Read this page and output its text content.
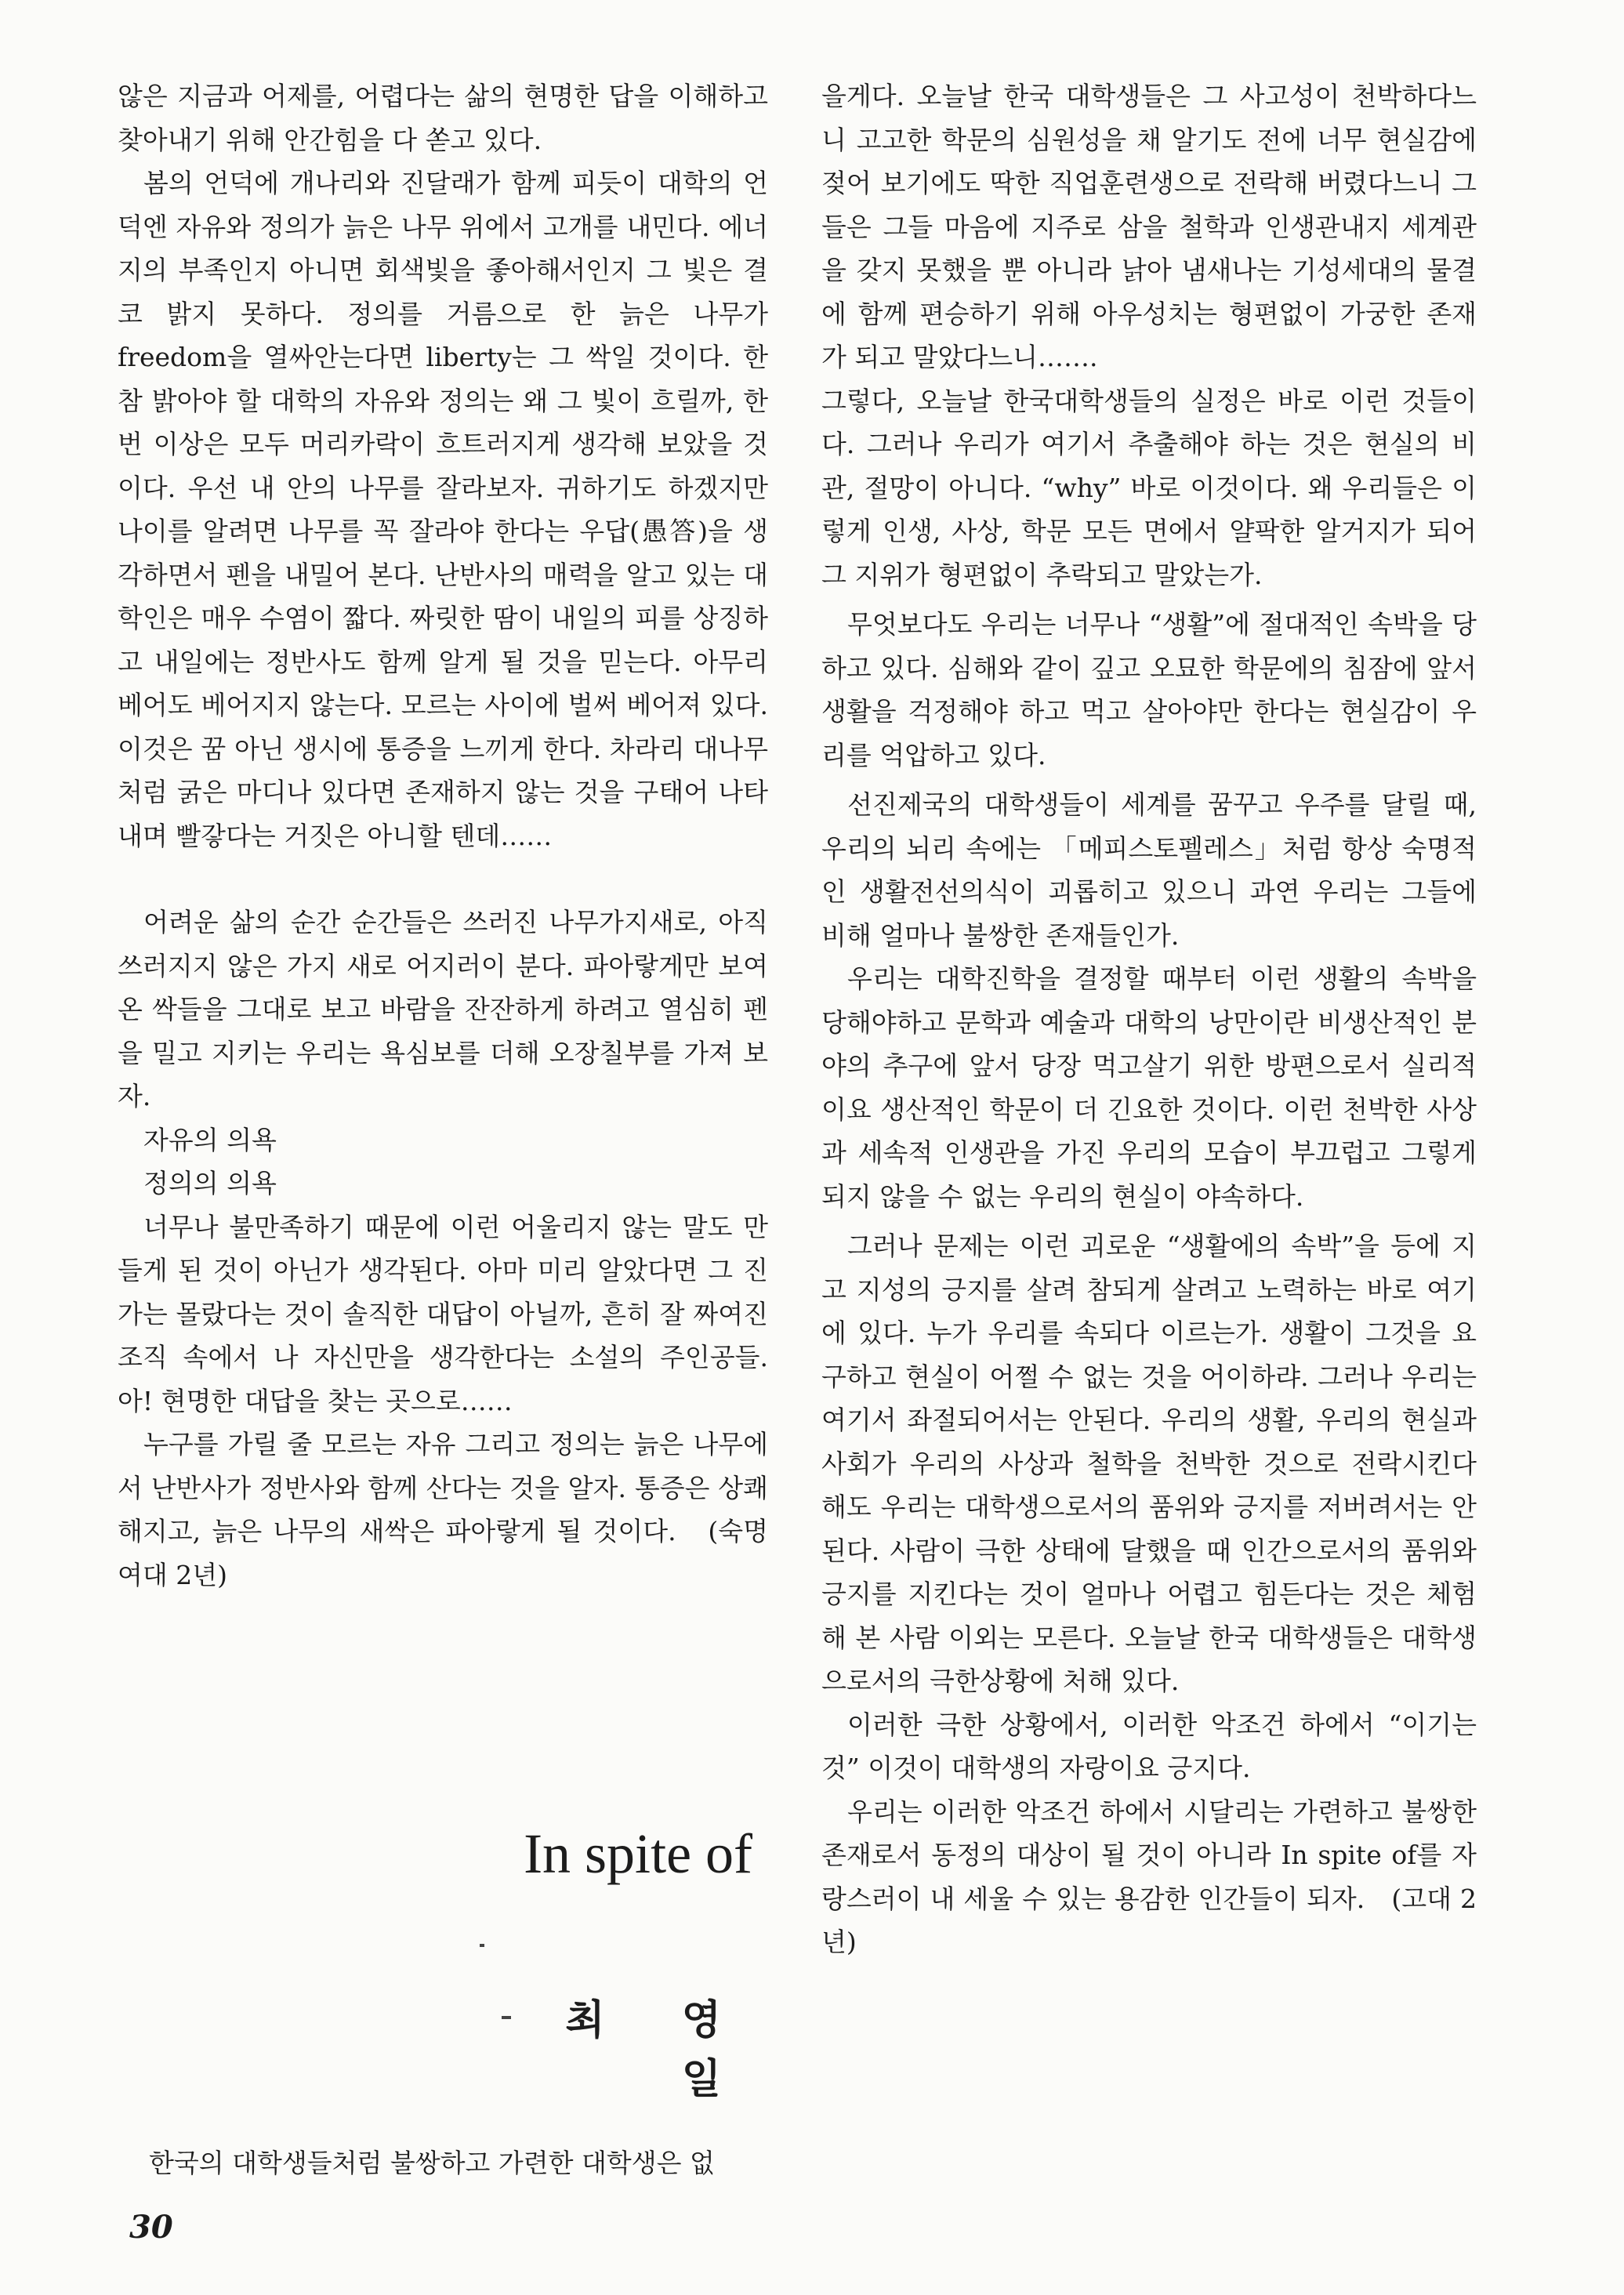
않은 지금과 어제를, 어렵다는 삶의 현명한 답을 이해하고 찾아내기 위해 안간힘을 다 쏟고 있다.

봄의 언덕에 개나리와 진달래가 함께 피듯이 대학의 언덕엔 자유와 정의가 늙은 나무 위에서 고개를 내민다. 에너지의 부족인지 아니면 회색빛을 좋아해서인지 그 빛은 결코 밝지 못하다. 정의를 거름으로 한 늙은 나무가 freedom을 열싸안는다면 liberty는 그 싹일 것이다. 한참 밝아야 할 대학의 자유와 정의는 왜 그 빛이 흐릴까, 한번 이상은 모두 머리카락이 흐트러지게 생각해 보았을 것이다. 우선 내 안의 나무를 잘라보자. 귀하기도 하겠지만 나이를 알려면 나무를 꼭 잘라야 한다는 우답(愚答)을 생각하면서 펜을 내밀어 본다. 난반사의 매력을 알고 있는 대학인은 매우 수염이 짧다. 짜릿한 땀이 내일의 피를 상징하고 내일에는 정반사도 함께 알게 될 것을 믿는다. 아무리 베어도 베어지지 않는다. 모르는 사이에 벌써 베어져 있다. 이것은 꿈 아닌 생시에 통증을 느끼게 한다. 차라리 대나무처럼 굵은 마디나 있다면 존재하지 않는 것을 구태어 나타내며 빨갛다는 거짓은 아니할 텐데……

어려운 삶의 순간 순간들은 쓰러진 나무가지새로, 아직 쓰러지지 않은 가지 새로 어지러이 분다. 파아랗게만 보여 온 싹들을 그대로 보고 바람을 잔잔하게 하려고 열심히 펜을 밀고 지키는 우리는 욕심보를 더해 오장칠부를 가져 보자.

자유의 의욕

정의의 의욕

너무나 불만족하기 때문에 이런 어울리지 않는 말도 만들게 된 것이 아닌가 생각된다. 아마 미리 알았다면 그 진가는 몰랐다는 것이 솔직한 대답이 아닐까, 흔히 잘 짜여진 조직 속에서 나 자신만을 생각한다는 소설의 주인공들. 아! 현명한 대답을 찾는 곳으로……

누구를 가릴 줄 모르는 자유 그리고 정의는 늙은 나무에서 난반사가 정반사와 함께 산다는 것을 알자. 통증은 상쾌해지고, 늙은 나무의 새싹은 파아랗게 될 것이다.　(숙명여대 2년)

을게다. 오늘날 한국 대학생들은 그 사고성이 천박하다느니 고고한 학문의 심원성을 채 알기도 전에 너무 현실감에 젖어 보기에도 딱한 직업훈련생으로 전락해 버렸다느니 그들은 그들 마음에 지주로 삼을 철학과 인생관내지 세계관을 갖지 못했을 뿐 아니라 낡아 냄새나는 기성세대의 물결에 함께 편승하기 위해 아우성치는 형편없이 가궁한 존재가 되고 말았다느니…….

그렇다, 오늘날 한국대학생들의 실정은 바로 이런 것들이다. 그러나 우리가 여기서 추출해야 하는 것은 현실의 비관, 절망이 아니다. “why” 바로 이것이다. 왜 우리들은 이렇게 인생, 사상, 학문 모든 면에서 얄팍한 알거지가 되어 그 지위가 형편없이 추락되고 말았는가.

무엇보다도 우리는 너무나 “생활”에 절대적인 속박을 당하고 있다. 심해와 같이 깊고 오묘한 학문에의 침잠에 앞서 생활을 걱정해야 하고 먹고 살아야만 한다는 현실감이 우리를 억압하고 있다.

선진제국의 대학생들이 세계를 꿈꾸고 우주를 달릴 때, 우리의 뇌리 속에는 「메피스토펠레스」처럼 항상 숙명적인 생활전선의식이 괴롭히고 있으니 과연 우리는 그들에 비해 얼마나 불쌍한 존재들인가.

우리는 대학진학을 결정할 때부터 이런 생활의 속박을 당해야하고 문학과 예술과 대학의 낭만이란 비생산적인 분야의 추구에 앞서 당장 먹고살기 위한 방편으로서 실리적이요 생산적인 학문이 더 긴요한 것이다. 이런 천박한 사상과 세속적 인생관을 가진 우리의 모습이 부끄럽고 그렇게 되지 않을 수 없는 우리의 현실이 야속하다.

그러나 문제는 이런 괴로운 “생활에의 속박”을 등에 지고 지성의 긍지를 살려 참되게 살려고 노력하는 바로 여기에 있다. 누가 우리를 속되다 이르는가. 생활이 그것을 요구하고 현실이 어쩔 수 없는 것을 어이하랴. 그러나 우리는 여기서 좌절되어서는 안된다. 우리의 생활, 우리의 현실과 사회가 우리의 사상과 철학을 천박한 것으로 전락시킨다 해도 우리는 대학생으로서의 품위와 긍지를 저버려서는 안된다. 사람이 극한 상태에 달했을 때 인간으로서의 품위와 긍지를 지킨다는 것이 얼마나 어렵고 힘든다는 것은 체험해 본 사람 이외는 모른다. 오늘날 한국 대학생들은 대학생으로서의 극한상황에 처해 있다.

이러한 극한 상황에서, 이러한 악조건 하에서 “이기는 것” 이것이 대학생의 자랑이요 긍지다.

우리는 이러한 악조건 하에서 시달리는 가련하고 불쌍한 존재로서 동정의 대상이 될 것이 아니라 In spite of를 자랑스러이 내 세울 수 있는 용감한 인간들이 되자.　(고대 2년)

In spite of
최 영 일
한국의 대학생들처럼 불쌍하고 가련한 대학생은 없
30
